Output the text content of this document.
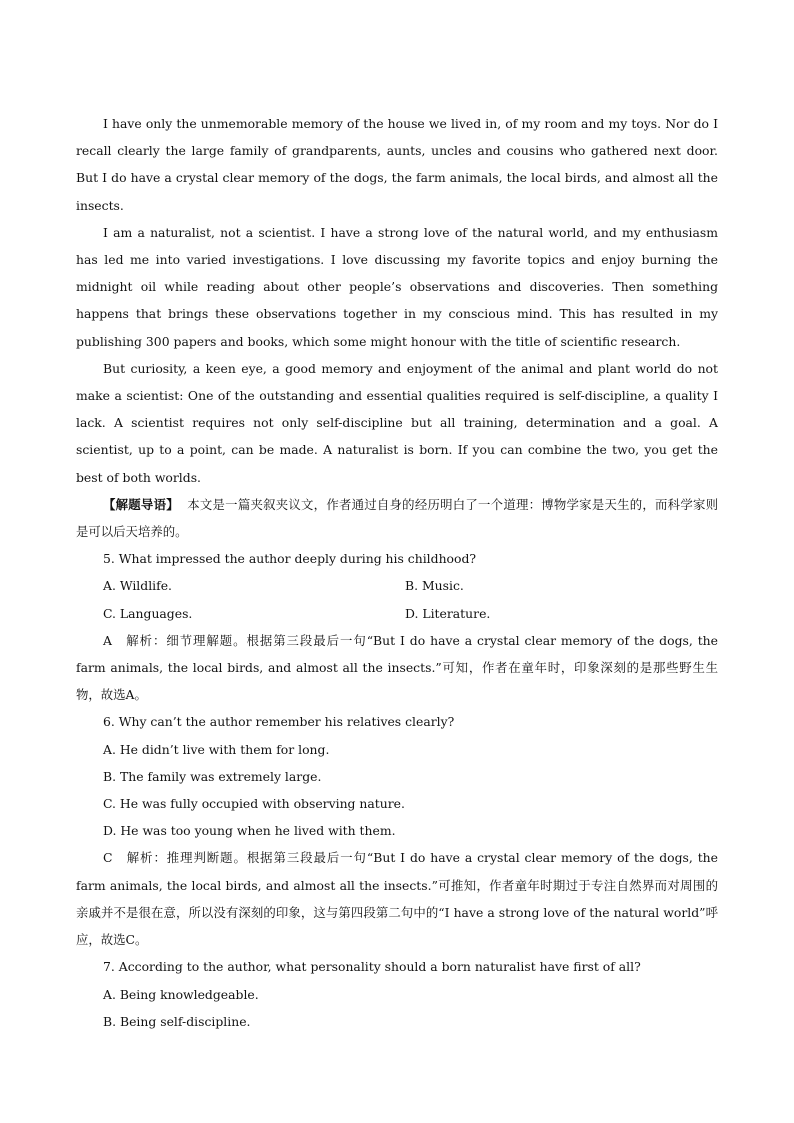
I have only the unmemorable memory of the house we lived in, of my room and my toys. Nor do I recall clearly the large family of grandparents, aunts, uncles and cousins who gathered next door. But I do have a crystal clear memory of the dogs, the farm animals, the local birds, and almost all the insects.

I am a naturalist, not a scientist. I have a strong love of the natural world, and my enthusiasm has led me into varied investigations. I love discussing my favorite topics and enjoy burning the midnight oil while reading about other people’s observations and discoveries. Then something happens that brings these observations together in my conscious mind. This has resulted in my publishing 300 papers and books, which some might honour with the title of scientific research.

But curiosity, a keen eye, a good memory and enjoyment of the animal and plant world do not make a scientist: One of the outstanding and essential qualities required is self-discipline, a quality I lack. A scientist requires not only self-discipline but all training, determination and a goal. A scientist, up to a point, can be made. A naturalist is born. If you can combine the two, you get the best of both worlds.

【解题导语】 本文是一篇夹叙夹议文，作者通过自身的经历明白了一个道理：博物学家是天生的，而科学家则是可以后天培养的。

5. What impressed the author deeply during his childhood?

A. Wildlife.	B. Music.
C. Languages.	D. Literature.

A　解析：细节理解题。根据第三段最后一句“But I do have a crystal clear memory of the dogs, the farm animals, the local birds, and almost all the insects.”可知，作者在童年时，印象深刻的是那些野生生物，故选A。

6. Why can’t the author remember his relatives clearly?

A. He didn’t live with them for long.

B. The family was extremely large.

C. He was fully occupied with observing nature.

D. He was too young when he lived with them.

C　解析：推理判断题。根据第三段最后一句“But I do have a crystal clear memory of the dogs, the farm animals, the local birds, and almost all the insects.”可推知，作者童年时期过于专注自然界而对周围的亲戚并不是很在意，所以没有深刻的印象，这与第四段第二句中的“I have a strong love of the natural world”呼应，故选C。

7. According to the author, what personality should a born naturalist have first of all?

A. Being knowledgeable.

B. Being self-discipline.
